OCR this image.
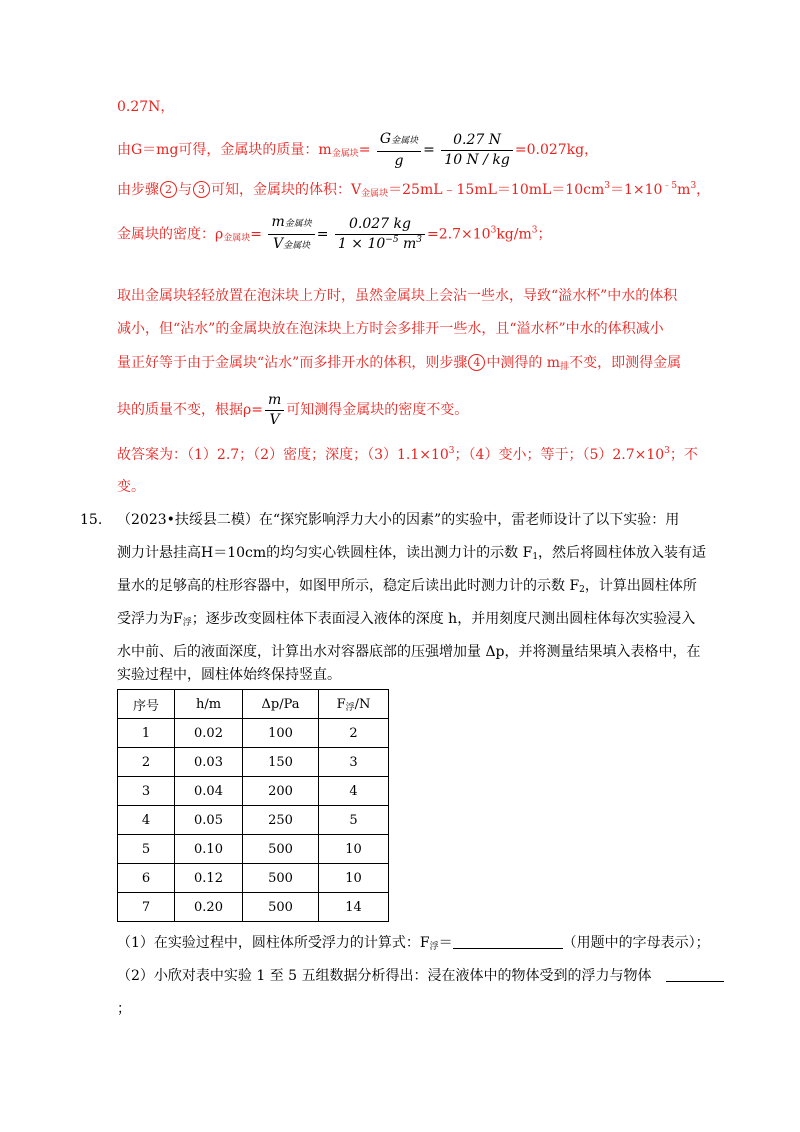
0.27N，
由G＝mg可得，金属块的质量：$m_{金属块}= \frac{\text{G金属块}}{g} = \frac{0.27 N}{10 N / kg} =0.027kg$，
由步骤 2 与 3 可知，金属块的体积：$V_{金属块}=25mL﹣15mL=10mL=10cm^3=1\times 10^{﹣5}m^3$，
金属块的密度：$\rho_{金属块}= \frac{\text{m金属块}}{\text{V金属块}} = \frac{0.027 kg}{1 \times 10^{-5} m^3} =2.7\times 10^3kg/m^3$；
取出金属块轻轻放置在泡沫块上方时，虽然金属块上会沾一些水，导致“溢水杯”中水的体积
减小，但“沾水”的金属块放在泡沫块上方时会多排开一些水，且“溢水杯”中水的体积减小
量正好等于由于金属块“沾水”而多排开水的体积，则步骤 4 中测得的 $m_排$不变，即测得金属
块的质量不变，根据$\rho= \frac{m}{V}$ 可知测得金属块的密度不变。
故答案为：（1）2.7；（2）密度；深度；$(3)1.1\times 10^3$；（4）变小；等于；$(5)2.7\times 10^3$；不
变。
15. （2023•扶绥县二模）在“探究影响浮力大小的因素”的实验中，雷老师设计了以下实验：用
测力计悬挂高H＝10cm的均匀实心铁圆柱体，读出测力计的示数 $F_1$，然后将圆柱体放入装有适
量水的足够高的柱形容器中，如图甲所示，稳定后读出此时测力计的示数 $F_2$，计算出圆柱体所
受浮力为$F_浮$；逐步改变圆柱体下表面浸入液体的深度 h，并用刻度尺测出圆柱体每次实验浸入
水中前、后的液面深度，计算出水对容器底部的压强增加量 Δp，并将测量结果填入表格中，在
实验过程中，圆柱体始终保持竖直。
序号	h/m	Δp/Pa	$F_浮/N$
1	0.02	100	2
2	0.03	150	3
3	0.04	200	4
4	0.05	250	5
5	0.10	500	10
6	0.12	500	10
7	0.20	500	14
（1）在实验过程中，圆柱体所受浮力的计算式：$F_浮=$	（用题中的字母表示）；
（2）小欣对表中实验 1 至 5 五组数据分析得出：浸在液体中的物体受到的浮力与物体
；
